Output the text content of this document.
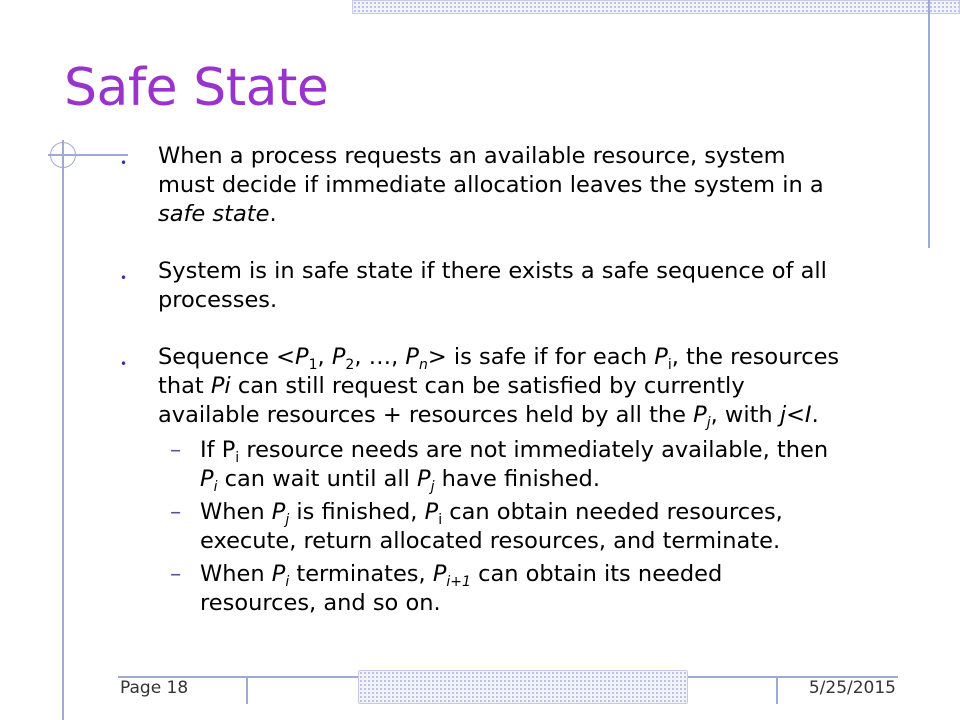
Safe State
• When a process requests an available resource, system must decide if immediate allocation leaves the system in a safe state.
• System is in safe state if there exists a safe sequence of all processes.
• Sequence $<P_1$, $P_2$, …, $P_n>$ is safe if for each $P_i$, the resources that Pi can still request can be satisfied by currently available resources + resources held by all the $P_j$, with j<I.
– If $P_i$ resource needs are not immediately available, then $P_i$ can wait until all $P_j$ have finished.
– When $P_j$ is finished, $P_i$ can obtain needed resources, execute, return allocated resources, and terminate.
– When $P_i$ terminates, $P_{i+1}$ can obtain its needed resources, and so on.
Page 18	5/25/2015
